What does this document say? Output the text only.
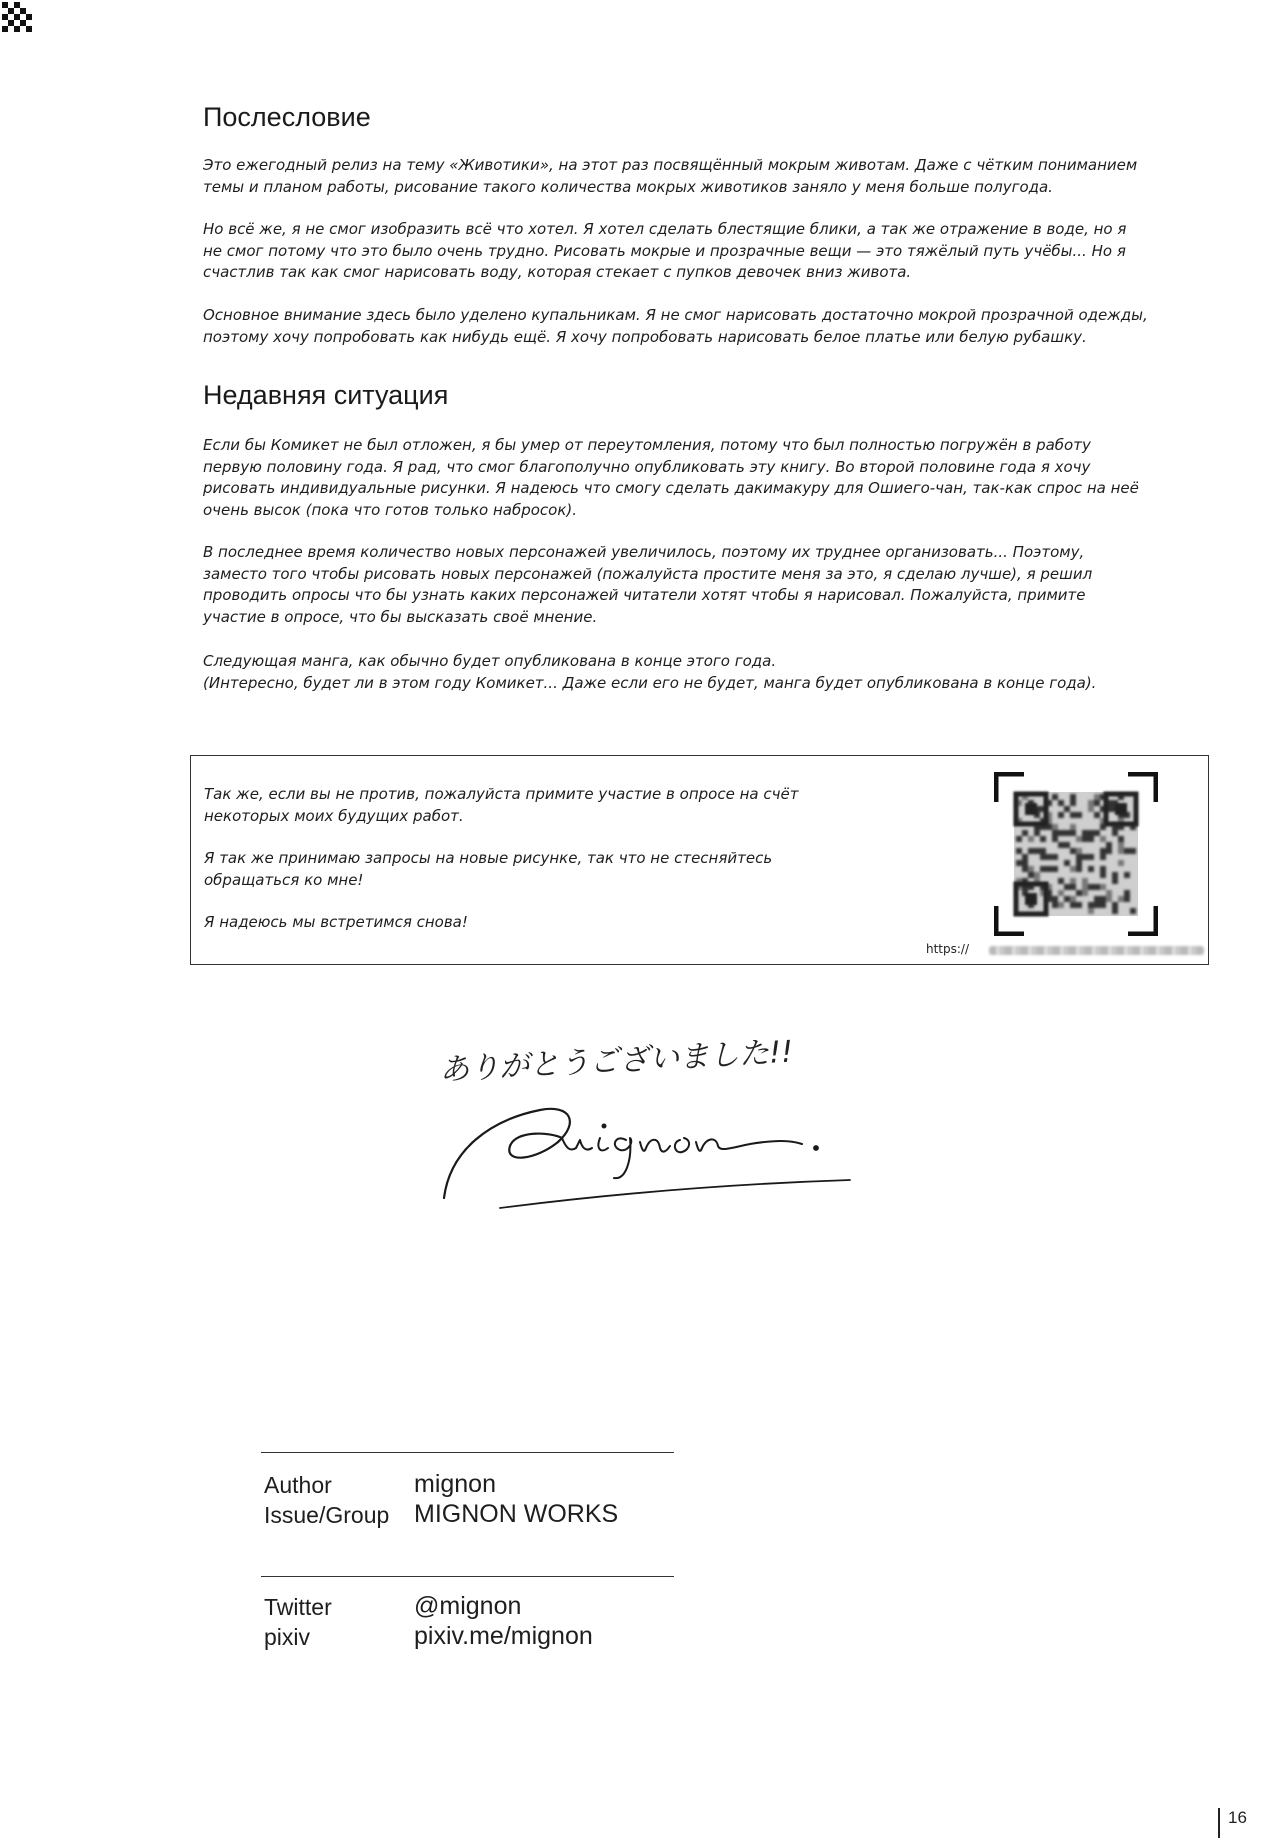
Послесловие
Это ежегодный релиз на тему «Животики», на этот раз посвящённый мокрым животам. Даже с чётким пониманием
темы и планом работы, рисование такого количества мокрых животиков заняло у меня больше полугода.
Но всё же, я не смог изобразить всё что хотел. Я хотел сделать блестящие блики, а так же отражение в воде, но я
не смог потому что это было очень трудно. Рисовать мокрые и прозрачные вещи — это тяжёлый путь учёбы... Но я
счастлив так как смог нарисовать воду, которая стекает с пупков девочек вниз живота.
Основное внимание здесь было уделено купальникам. Я не смог нарисовать достаточно мокрой прозрачной одежды,
поэтому хочу попробовать как нибудь ещё. Я хочу попробовать нарисовать белое платье или белую рубашку.
Недавняя ситуация
Если бы Комикет не был отложен, я бы умер от переутомления, потому что был полностью погружён в работу
первую половину года. Я рад, что смог благополучно опубликовать эту книгу. Во второй половине года я хочу
рисовать индивидуальные рисунки. Я надеюсь что смогу сделать дакимакуру для Ошиего-чан, так-как спрос на неё
очень высок (пока что готов только набросок).
В последнее время количество новых персонажей увеличилось, поэтому их труднее организовать... Поэтому,
заместо того чтобы рисовать новых персонажей (пожалуйста простите меня за это, я сделаю лучше), я решил
проводить опросы что бы узнать каких персонажей читатели хотят чтобы я нарисовал. Пожалуйста, примите
участие в опросе, что бы высказать своё мнение.
Следующая манга, как обычно будет опубликована в конце этого года.
(Интересно, будет ли в этом году Комикет... Даже если его не будет, манга будет опубликована в конце года).
Так же, если вы не против, пожалуйста примите участие в опросе на счёт
некоторых моих будущих работ.
Я так же принимаю запросы на новые рисунке, так что не стесняйтесь
обращаться ко мне!
Я надеюсь мы встретимся снова!
https://
ありがとうございました!!
Author	mignon
Issue/Group MIGNON WORKS
Twitter	@mignon
pixiv	pixiv.me/mignon
16
